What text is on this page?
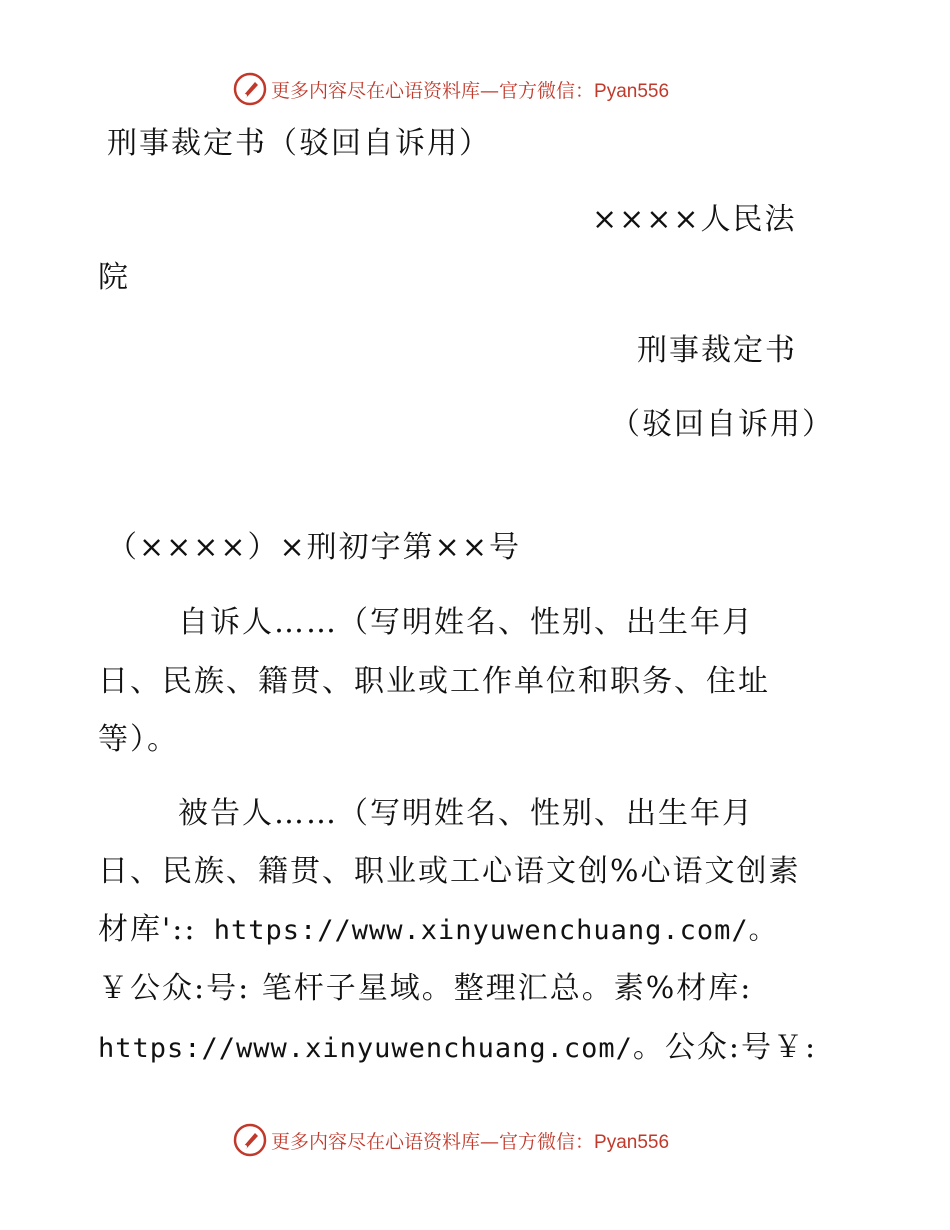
更多内容尽在心语资料库—官方微信：Pyan556
刑事裁定书（驳回自诉用）
××××人民法
院
刑事裁定书
（驳回自诉用）
（××××）×刑初字第××号
自诉人……（写明姓名、性别、出生年月
日、民族、籍贯、职业或工作单位和职务、住址
等）。
被告人……（写明姓名、性别、出生年月
日、民族、籍贯、职业或工心语文创%心语文创素
材库':: https://www.xinyuwenchuang.com/。
￥公众:号: 笔杆子星域。整理汇总。素%材库:
https://www.xinyuwenchuang.com/。公众:号￥:
更多内容尽在心语资料库—官方微信：Pyan556
